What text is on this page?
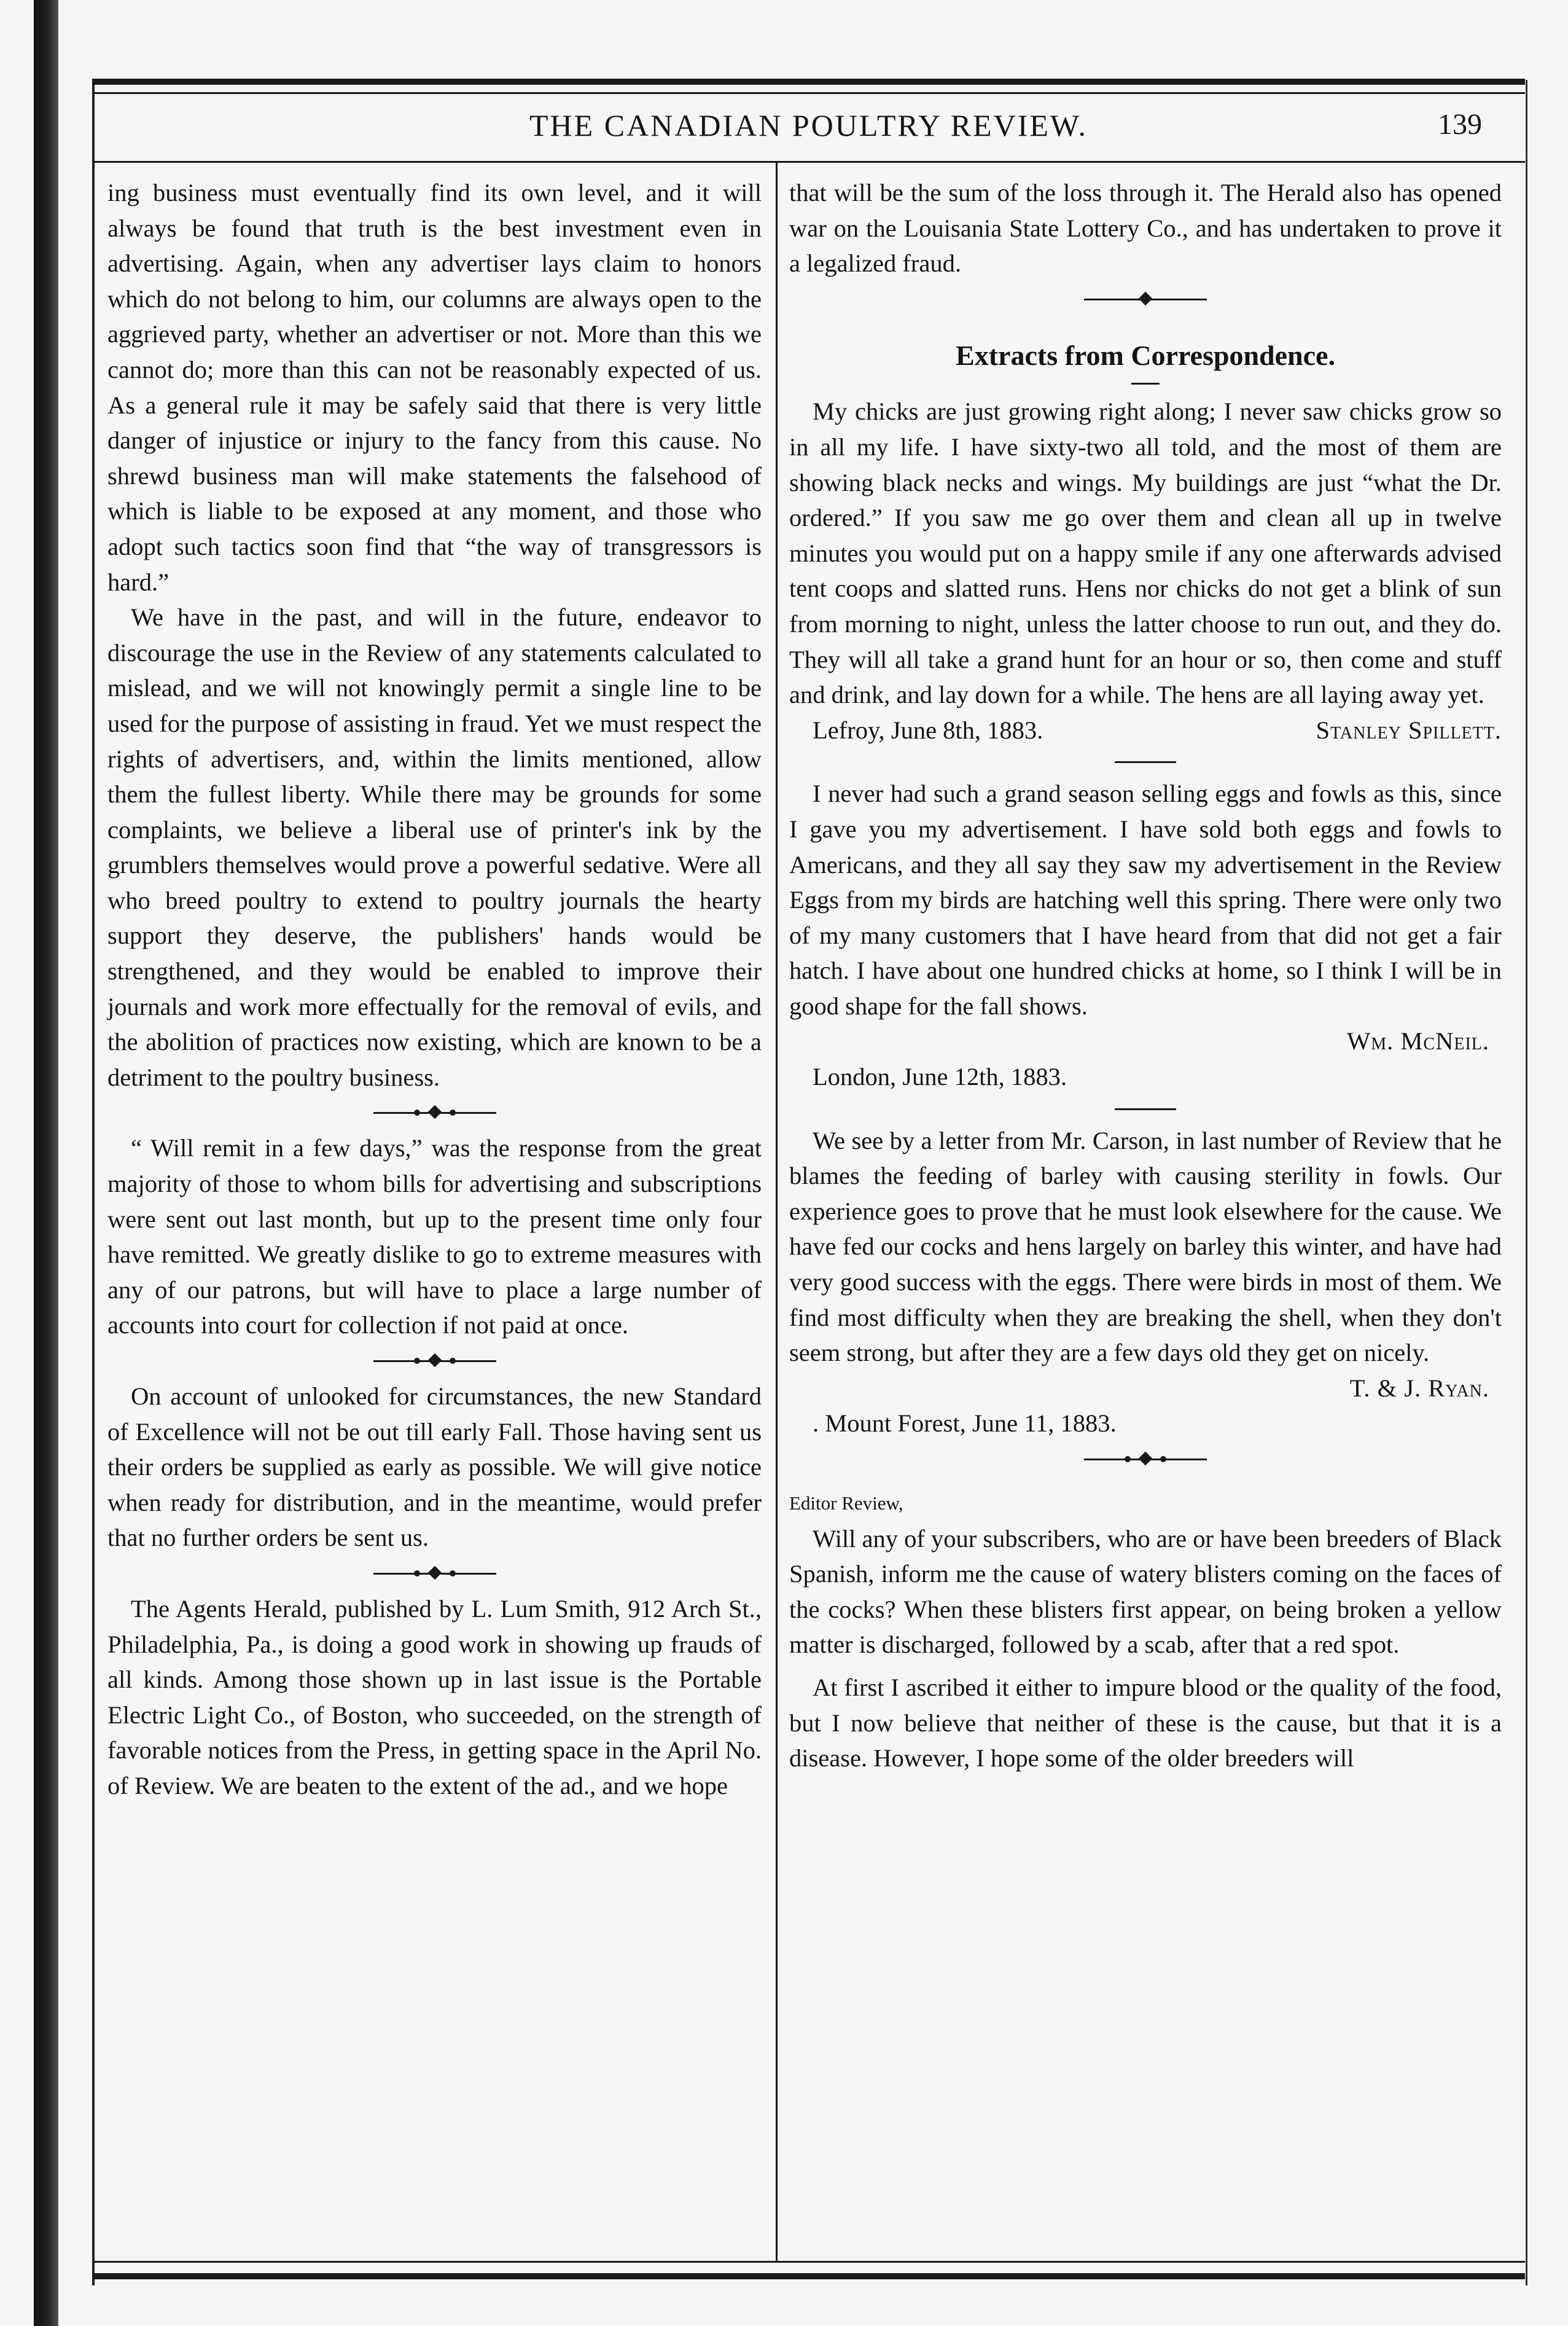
THE CANADIAN POULTRY REVIEW.	139

ing business must eventually find its own level, and it will always be found that truth is the best investment even in advertising. Again, when any advertiser lays claim to honors which do not belong to him, our columns are always open to the aggrieved party, whether an advertiser or not. More than this we cannot do; more than this can not be reasonably expected of us. As a general rule it may be safely said that there is very little danger of injustice or injury to the fancy from this cause. No shrewd business man will make statements the falsehood of which is liable to be exposed at any moment, and those who adopt such tactics soon find that “the way of transgressors is hard.”

We have in the past, and will in the future, endeavor to discourage the use in the Review of any statements calculated to mislead, and we will not knowingly permit a single line to be used for the purpose of assisting in fraud. Yet we must respect the rights of advertisers, and, within the limits mentioned, allow them the fullest liberty. While there may be grounds for some complaints, we believe a liberal use of printer's ink by the grumblers themselves would prove a powerful sedative. Were all who breed poultry to extend to poultry journals the hearty support they deserve, the publishers' hands would be strengthened, and they would be enabled to improve their journals and work more effectually for the removal of evils, and the abolition of practices now existing, which are known to be a detriment to the poultry business.

“ Will remit in a few days,” was the response from the great majority of those to whom bills for advertising and subscriptions were sent out last month, but up to the present time only four have remitted. We greatly dislike to go to extreme measures with any of our patrons, but will have to place a large number of accounts into court for collection if not paid at once.

On account of unlooked for circumstances, the new Standard of Excellence will not be out till early Fall. Those having sent us their orders be supplied as early as possible. We will give notice when ready for distribution, and in the meantime, would prefer that no further orders be sent us.

The Agents Herald, published by L. Lum Smith, 912 Arch St., Philadelphia, Pa., is doing a good work in showing up frauds of all kinds. Among those shown up in last issue is the Portable Electric Light Co., of Boston, who succeeded, on the strength of favorable notices from the Press, in getting space in the April No. of Review. We are beaten to the extent of the ad., and we hope

that will be the sum of the loss through it. The Herald also has opened war on the Louisania State Lottery Co., and has undertaken to prove it a legalized fraud.

Extracts from Correspondence.

My chicks are just growing right along; I never saw chicks grow so in all my life. I have sixty-two all told, and the most of them are showing black necks and wings. My buildings are just “what the Dr. ordered.” If you saw me go over them and clean all up in twelve minutes you would put on a happy smile if any one afterwards advised tent coops and slatted runs. Hens nor chicks do not get a blink of sun from morning to night, unless the latter choose to run out, and they do. They will all take a grand hunt for an hour or so, then come and stuff and drink, and lay down for a while. The hens are all laying away yet.

Lefroy, June 8th, 1883.	Stanley Spillett.

I never had such a grand season selling eggs and fowls as this, since I gave you my advertisement. I have sold both eggs and fowls to Americans, and they all say they saw my advertisement in the Review Eggs from my birds are hatching well this spring. There were only two of my many customers that I have heard from that did not get a fair hatch. I have about one hundred chicks at home, so I think I will be in good shape for the fall shows.

Wm. McNeil.
London, June 12th, 1883.

We see by a letter from Mr. Carson, in last number of Review that he blames the feeding of barley with causing sterility in fowls. Our experience goes to prove that he must look elsewhere for the cause. We have fed our cocks and hens largely on barley this winter, and have had very good success with the eggs. There were birds in most of them. We find most difficulty when they are breaking the shell, when they don't seem strong, but after they are a few days old they get on nicely.

T. & J. Ryan.
. Mount Forest, June 11, 1883.

Editor Review,

Will any of your subscribers, who are or have been breeders of Black Spanish, inform me the cause of watery blisters coming on the faces of the cocks? When these blisters first appear, on being broken a yellow matter is discharged, followed by a scab, after that a red spot.

At first I ascribed it either to impure blood or the quality of the food, but I now believe that neither of these is the cause, but that it is a disease. However, I hope some of the older breeders will
